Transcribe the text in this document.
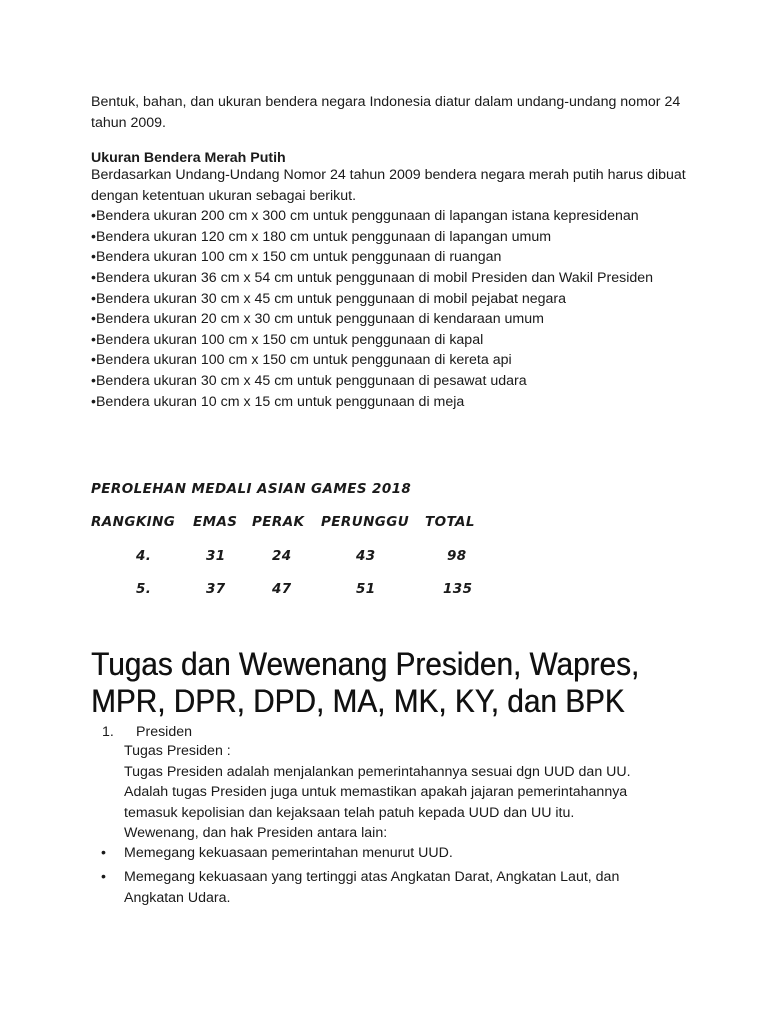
Bentuk, bahan, dan ukuran bendera negara Indonesia diatur dalam undang-undang nomor 24 tahun 2009.
Ukuran Bendera Merah Putih

Berdasarkan Undang-Undang Nomor 24 tahun 2009 bendera negara merah putih harus dibuat dengan ketentuan ukuran sebagai berikut.

• Bendera ukuran 200 cm x 300 cm untuk penggunaan di lapangan istana kepresidenan
• Bendera ukuran 120 cm x 180 cm untuk penggunaan di lapangan umum
• Bendera ukuran 100 cm x 150 cm untuk penggunaan di ruangan
• Bendera ukuran 36 cm x 54 cm untuk penggunaan di mobil Presiden dan Wakil Presiden
• Bendera ukuran 30 cm x 45 cm untuk penggunaan di mobil pejabat negara
• Bendera ukuran 20 cm x 30 cm untuk penggunaan di kendaraan umum
• Bendera ukuran 100 cm x 150 cm untuk penggunaan di kapal
• Bendera ukuran 100 cm x 150 cm untuk penggunaan di kereta api
• Bendera ukuran 30 cm x 45 cm untuk penggunaan di pesawat udara
• Bendera ukuran 10 cm x 15 cm untuk penggunaan di meja
PEROLEHAN MEDALI ASIAN GAMES 2018
RANGKING EMAS PERAK PERUNGGU TOTAL
4.	31	24	43	98
5.	37	47	51	135
Tugas dan Wewenang Presiden, Wapres, MPR, DPR, DPD, MA, MK, KY, dan BPK
1. Presiden
Tugas Presiden :
Tugas Presiden adalah menjalankan pemerintahannya sesuai dgn UUD dan UU.
Adalah tugas Presiden juga untuk memastikan apakah jajaran pemerintahannya temasuk kepolisian dan kejaksaan telah patuh kepada UUD dan UU itu.
Wewenang, dan hak Presiden antara lain:
• Memegang kekuasaan pemerintahan menurut UUD.
• Memegang kekuasaan yang tertinggi atas Angkatan Darat, Angkatan Laut, dan Angkatan Udara.
